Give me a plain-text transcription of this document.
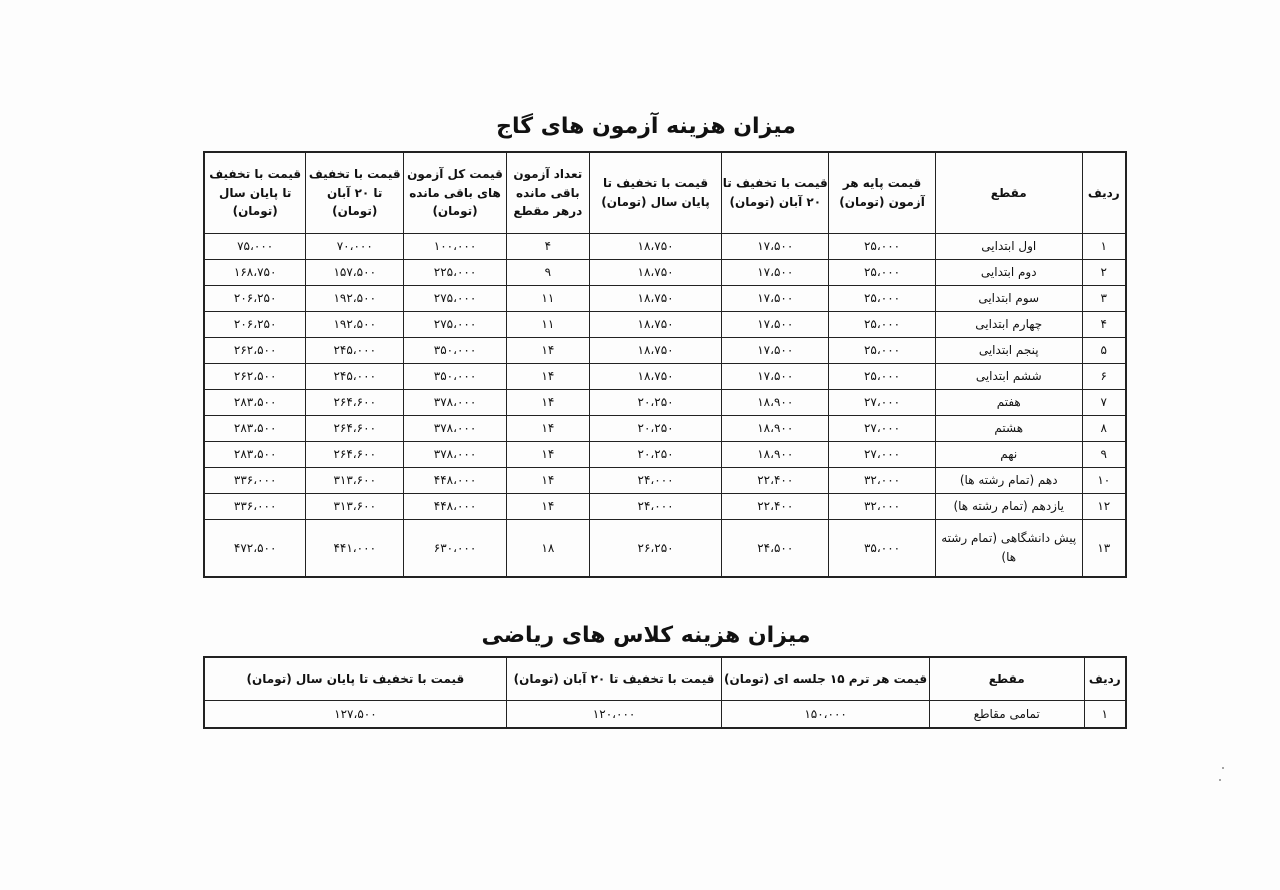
میزان هزینه آزمون های گاج
ردیف	مقطع	قیمت پایه هر آزمون (تومان)	قیمت با تخفیف تا ۲۰ آبان (تومان)	قیمت با تخفیف تا پایان سال (تومان)	تعداد آزمون باقی مانده درهر مقطع	قیمت کل آزمون های باقی مانده (تومان)	قیمت با تخفیف تا ۲۰ آبان (تومان)	قیمت با تخفیف تا پایان سال (تومان)
۱	اول ابتدایی	۲۵،۰۰۰	۱۷،۵۰۰	۱۸،۷۵۰	۴	۱۰۰،۰۰۰	۷۰،۰۰۰	۷۵،۰۰۰
۲	دوم ابتدایی	۲۵،۰۰۰	۱۷،۵۰۰	۱۸،۷۵۰	۹	۲۲۵،۰۰۰	۱۵۷،۵۰۰	۱۶۸،۷۵۰
۳	سوم ابتدایی	۲۵،۰۰۰	۱۷،۵۰۰	۱۸،۷۵۰	۱۱	۲۷۵،۰۰۰	۱۹۲،۵۰۰	۲۰۶،۲۵۰
۴	چهارم ابتدایی	۲۵،۰۰۰	۱۷،۵۰۰	۱۸،۷۵۰	۱۱	۲۷۵،۰۰۰	۱۹۲،۵۰۰	۲۰۶،۲۵۰
۵	پنجم ابتدایی	۲۵،۰۰۰	۱۷،۵۰۰	۱۸،۷۵۰	۱۴	۳۵۰،۰۰۰	۲۴۵،۰۰۰	۲۶۲،۵۰۰
۶	ششم ابتدایی	۲۵،۰۰۰	۱۷،۵۰۰	۱۸،۷۵۰	۱۴	۳۵۰،۰۰۰	۲۴۵،۰۰۰	۲۶۲،۵۰۰
۷	هفتم	۲۷،۰۰۰	۱۸،۹۰۰	۲۰،۲۵۰	۱۴	۳۷۸،۰۰۰	۲۶۴،۶۰۰	۲۸۳،۵۰۰
۸	هشتم	۲۷،۰۰۰	۱۸،۹۰۰	۲۰،۲۵۰	۱۴	۳۷۸،۰۰۰	۲۶۴،۶۰۰	۲۸۳،۵۰۰
۹	نهم	۲۷،۰۰۰	۱۸،۹۰۰	۲۰،۲۵۰	۱۴	۳۷۸،۰۰۰	۲۶۴،۶۰۰	۲۸۳،۵۰۰
۱۰	دهم (تمام رشته ها)	۳۲،۰۰۰	۲۲،۴۰۰	۲۴،۰۰۰	۱۴	۴۴۸،۰۰۰	۳۱۳،۶۰۰	۳۳۶،۰۰۰
۱۲	یازدهم (تمام رشته ها)	۳۲،۰۰۰	۲۲،۴۰۰	۲۴،۰۰۰	۱۴	۴۴۸،۰۰۰	۳۱۳،۶۰۰	۳۳۶،۰۰۰
۱۳	پیش دانشگاهی (تمام رشته ها)	۳۵،۰۰۰	۲۴،۵۰۰	۲۶،۲۵۰	۱۸	۶۳۰،۰۰۰	۴۴۱،۰۰۰	۴۷۲،۵۰۰
میزان هزینه کلاس های ریاضی
ردیف	مقطع	قیمت هر ترم ۱۵ جلسه ای (تومان)	قیمت با تخفیف تا ۲۰ آبان (تومان)	قیمت با تخفیف تا پایان سال (تومان)
۱	تمامی مقاطع	۱۵۰،۰۰۰	۱۲۰،۰۰۰	۱۲۷،۵۰۰
